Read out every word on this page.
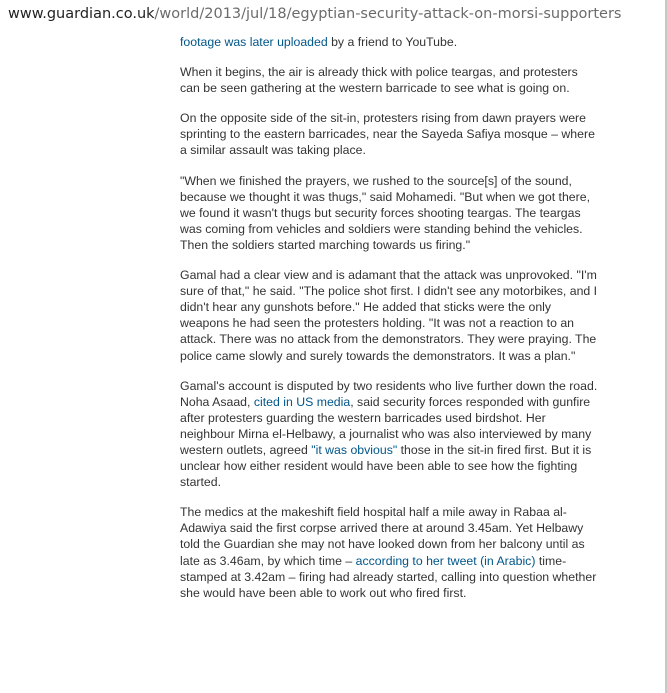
www.guardian.co.uk/world/2013/jul/18/egyptian-security-attack-on-morsi-supporters

footage was later uploaded by a friend to YouTube.

When it begins, the air is already thick with police teargas, and protesters can be seen gathering at the western barricade to see what is going on.

On the opposite side of the sit-in, protesters rising from dawn prayers were sprinting to the eastern barricades, near the Sayeda Safiya mosque – where a similar assault was taking place.

"When we finished the prayers, we rushed to the source[s] of the sound, because we thought it was thugs," said Mohamedi. "But when we got there, we found it wasn't thugs but security forces shooting teargas. The teargas was coming from vehicles and soldiers were standing behind the vehicles. Then the soldiers started marching towards us firing."

Gamal had a clear view and is adamant that the attack was unprovoked. "I'm sure of that," he said. "The police shot first. I didn't see any motorbikes, and I didn't hear any gunshots before." He added that sticks were the only weapons he had seen the protesters holding. "It was not a reaction to an attack. There was no attack from the demonstrators. They were praying. The police came slowly and surely towards the demonstrators. It was a plan."

Gamal's account is disputed by two residents who live further down the road. Noha Asaad, cited in US media, said security forces responded with gunfire after protesters guarding the western barricades used birdshot. Her neighbour Mirna el-Helbawy, a journalist who was also interviewed by many western outlets, agreed "it was obvious" those in the sit-in fired first. But it is unclear how either resident would have been able to see how the fighting started.

The medics at the makeshift field hospital half a mile away in Rabaa al-Adawiya said the first corpse arrived there at around 3.45am. Yet Helbawy told the Guardian she may not have looked down from her balcony until as late as 3.46am, by which time – according to her tweet (in Arabic) time-stamped at 3.42am – firing had already started, calling into question whether she would have been able to work out who fired first.
